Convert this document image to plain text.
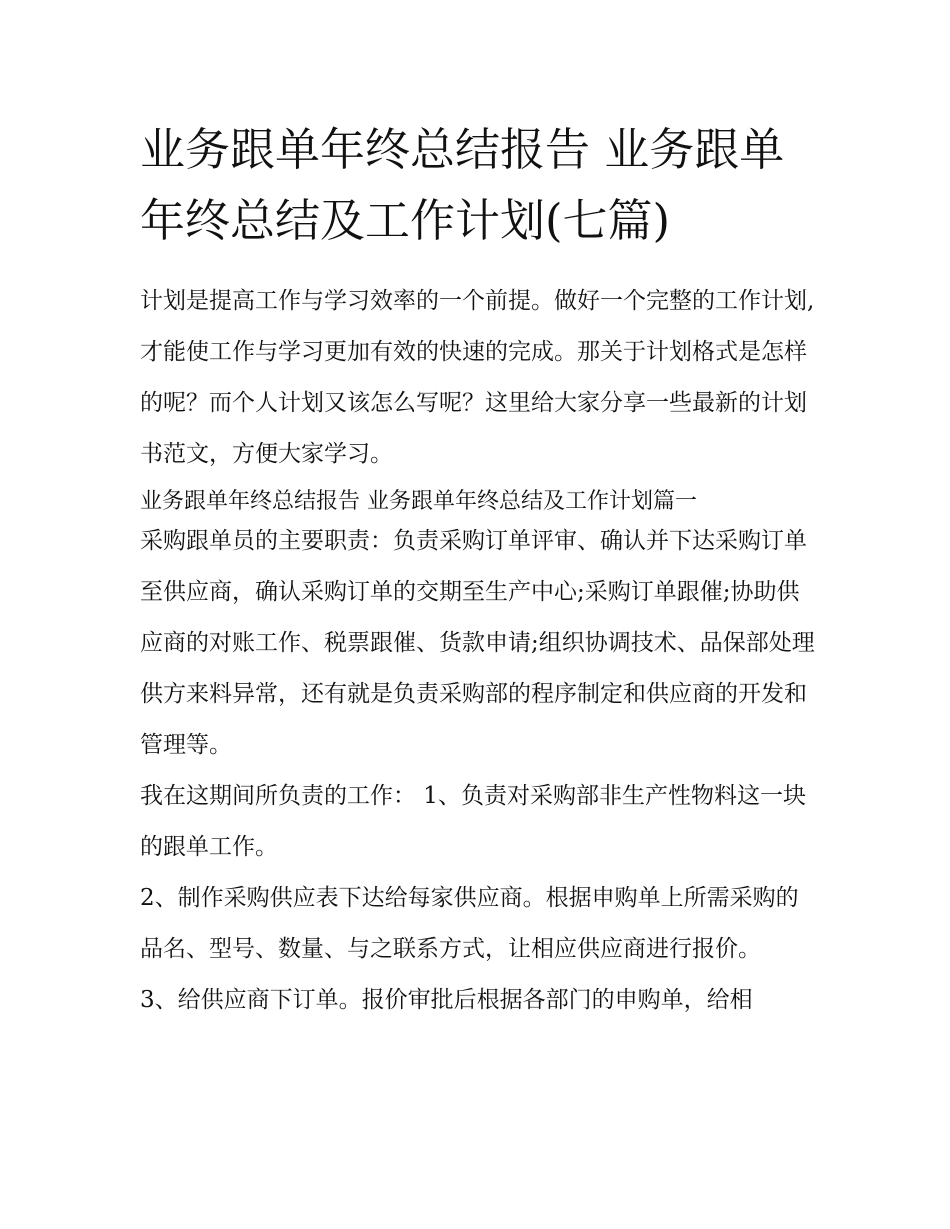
业务跟单年终总结报告 业务跟单年终总结及工作计划(七篇)

计划是提高工作与学习效率的一个前提。做好一个完整的工作计划,才能使工作与学习更加有效的快速的完成。那关于计划格式是怎样的呢？而个人计划又该怎么写呢？这里给大家分享一些最新的计划书范文，方便大家学习。

业务跟单年终总结报告 业务跟单年终总结及工作计划篇一

采购跟单员的主要职责：负责采购订单评审、确认并下达采购订单至供应商，确认采购订单的交期至生产中心;采购订单跟催;协助供应商的对账工作、税票跟催、货款申请;组织协调技术、品保部处理供方来料异常，还有就是负责采购部的程序制定和供应商的开发和管理等。

我在这期间所负责的工作： 1、负责对采购部非生产性物料这一块的跟单工作。

2、制作采购供应表下达给每家供应商。根据申购单上所需采购的品名、型号、数量、与之联系方式，让相应供应商进行报价。

3、给供应商下订单。报价审批后根据各部门的申购单，给相
